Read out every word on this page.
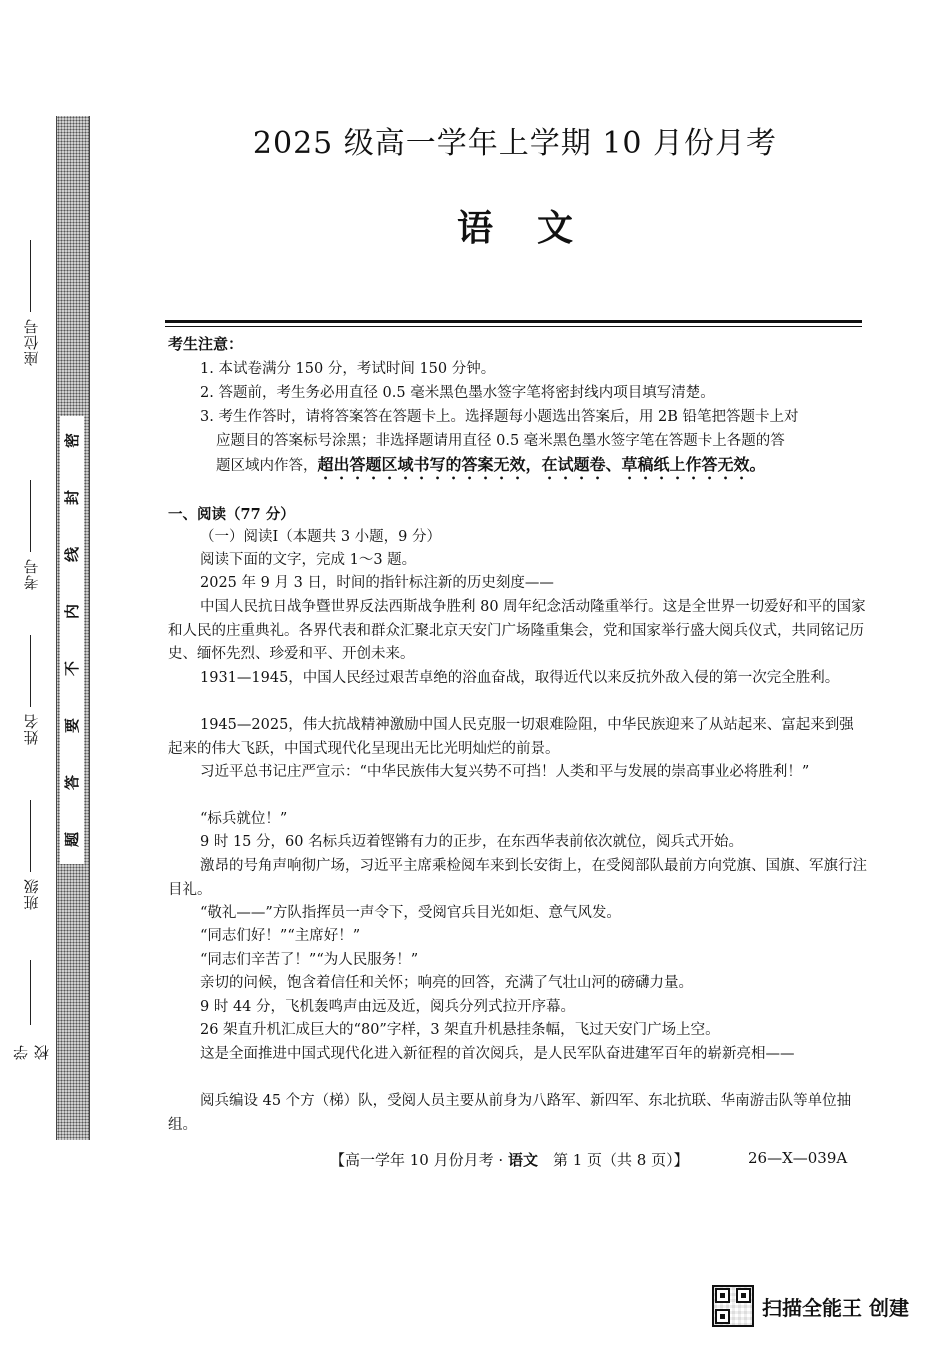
学校
班级
姓名
考号
座位号
密
封
线
内
不
要
答
题
2025 级高一学年上学期 10 月份月考
语文
考生注意：
1. 本试卷满分 150 分，考试时间 150 分钟。
2. 答题前，考生务必用直径 0.5 毫米黑色墨水签字笔将密封线内项目填写清楚。
3. 考生作答时，请将答案答在答题卡上。选择题每小题选出答案后，用 2B 铅笔把答题卡上对
应题目的答案标号涂黑；非选择题请用直径 0.5 毫米黑色墨水签字笔在答题卡上各题的答
题区域内作答，超出答题区域书写的答案无效，在试题卷、草稿纸上作答无效。
一、阅读（77 分）
（一）阅读Ⅰ（本题共 3 小题，9 分）
阅读下面的文字，完成 1～3 题。
2025 年 9 月 3 日，时间的指针标注新的历史刻度——
中国人民抗日战争暨世界反法西斯战争胜利 80 周年纪念活动隆重举行。这是全世界一切爱好和平的国家和人民的庄重典礼。各界代表和群众汇聚北京天安门广场隆重集会，党和国家举行盛大阅兵仪式，共同铭记历史、缅怀先烈、珍爱和平、开创未来。
1931—1945，中国人民经过艰苦卓绝的浴血奋战，取得近代以来反抗外敌入侵的第一次完全胜利。
1945—2025，伟大抗战精神激励中国人民克服一切艰难险阻，中华民族迎来了从站起来、富起来到强起来的伟大飞跃，中国式现代化呈现出无比光明灿烂的前景。
习近平总书记庄严宣示：“中华民族伟大复兴势不可挡！人类和平与发展的崇高事业必将胜利！”
“标兵就位！”
9 时 15 分，60 名标兵迈着铿锵有力的正步，在东西华表前依次就位，阅兵式开始。
激昂的号角声响彻广场，习近平主席乘检阅车来到长安街上，在受阅部队最前方向党旗、国旗、军旗行注目礼。
“敬礼——”方队指挥员一声令下，受阅官兵目光如炬、意气风发。
“同志们好！”“主席好！”
“同志们辛苦了！”“为人民服务！”
亲切的问候，饱含着信任和关怀；响亮的回答，充满了气壮山河的磅礴力量。
9 时 44 分，飞机轰鸣声由远及近，阅兵分列式拉开序幕。
26 架直升机汇成巨大的“80”字样，3 架直升机悬挂条幅，飞过天安门广场上空。
这是全面推进中国式现代化进入新征程的首次阅兵，是人民军队奋进建军百年的崭新亮相——
阅兵编设 45 个方（梯）队，受阅人员主要从前身为八路军、新四军、东北抗联、华南游击队等单位抽组。
【高一学年 10 月份月考 · 语文　第 1 页（共 8 页）】	26—X—039A
扫描全能王 创建
